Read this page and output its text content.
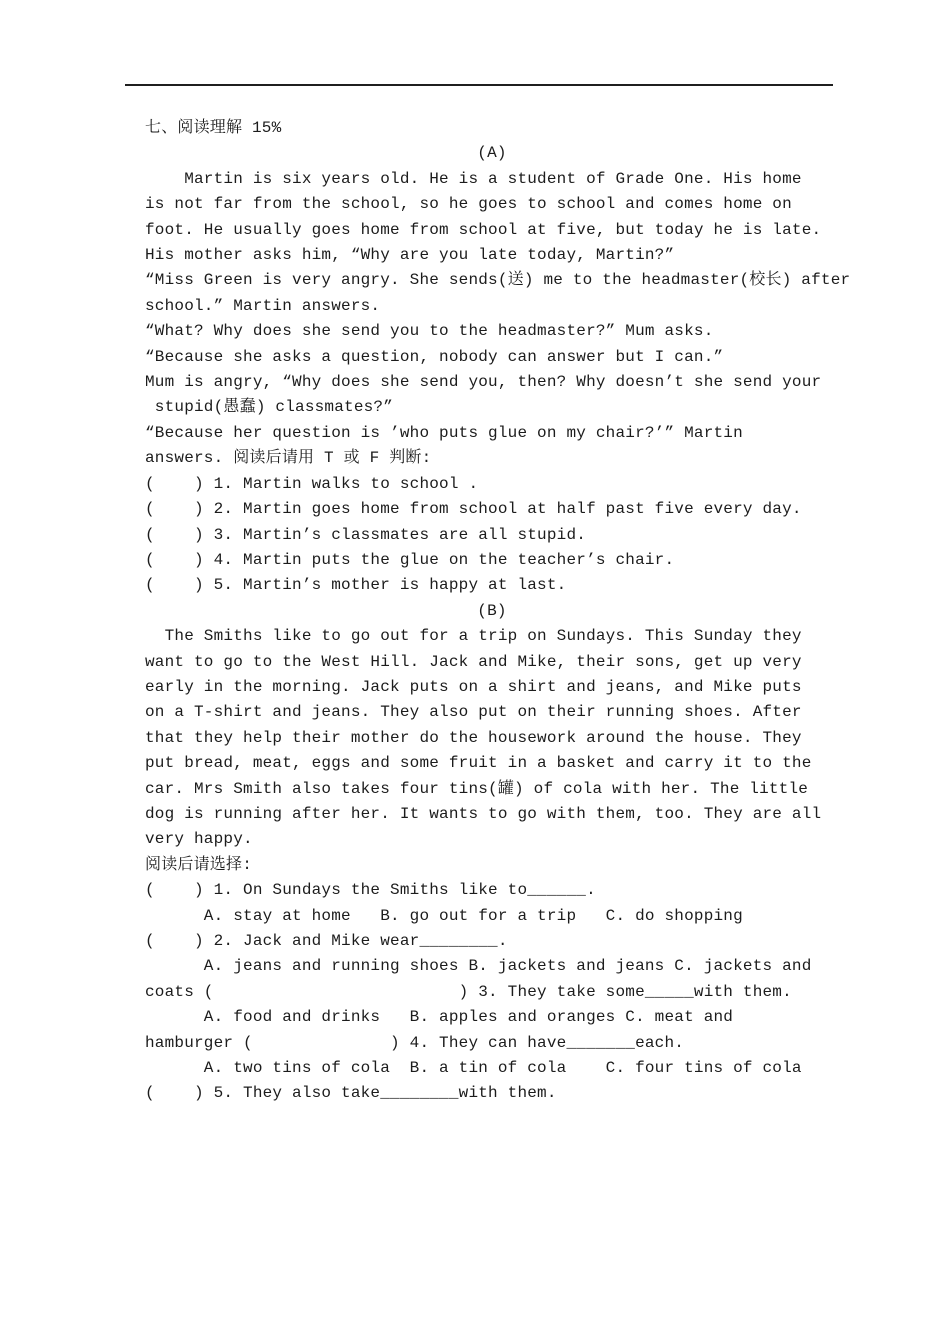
七、阅读理解 15%
(A)
Martin is six years old. He is a student of Grade One. His home
is not far from the school, so he goes to school and comes home on
foot. He usually goes home from school at five, but today he is late.
His mother asks him, “Why are you late today, Martin?”
“Miss Green is very angry. She sends(送) me to the headmaster(校长) after
school.” Martin answers.
“What? Why does she send you to the headmaster?” Mum asks.
“Because she asks a question, nobody can answer but I can.”
Mum is angry, “Why does she send you, then? Why doesn’t she send your
stupid(愚蠢) classmates?”
“Because her question is ’who puts glue on my chair?’” Martin
answers. 阅读后请用 T 或 F 判断:
(    ) 1. Martin walks to school .
(    ) 2. Martin goes home from school at half past five every day.
(    ) 3. Martin’s classmates are all stupid.
(    ) 4. Martin puts the glue on the teacher’s chair.
(    ) 5. Martin’s mother is happy at last.
(B)
The Smiths like to go out for a trip on Sundays. This Sunday they
want to go to the West Hill. Jack and Mike, their sons, get up very
early in the morning. Jack puts on a shirt and jeans, and Mike puts
on a T-shirt and jeans. They also put on their running shoes. After
that they help their mother do the housework around the house. They
put bread, meat, eggs and some fruit in a basket and carry it to the
car. Mrs Smith also takes four tins(罐) of cola with her. The little
dog is running after her. It wants to go with them, too. They are all
very happy.
阅读后请选择:
(    ) 1. On Sundays the Smiths like to______.
A. stay at home   B. go out for a trip   C. do shopping
(    ) 2. Jack and Mike wear________.
A. jeans and running shoes B. jackets and jeans C. jackets and
coats (                         ) 3. They take some_____with them.
A. food and drinks   B. apples and oranges C. meat and
hamburger (              ) 4. They can have_______each.
A. two tins of cola  B. a tin of cola    C. four tins of cola
(    ) 5. They also take________with them.
